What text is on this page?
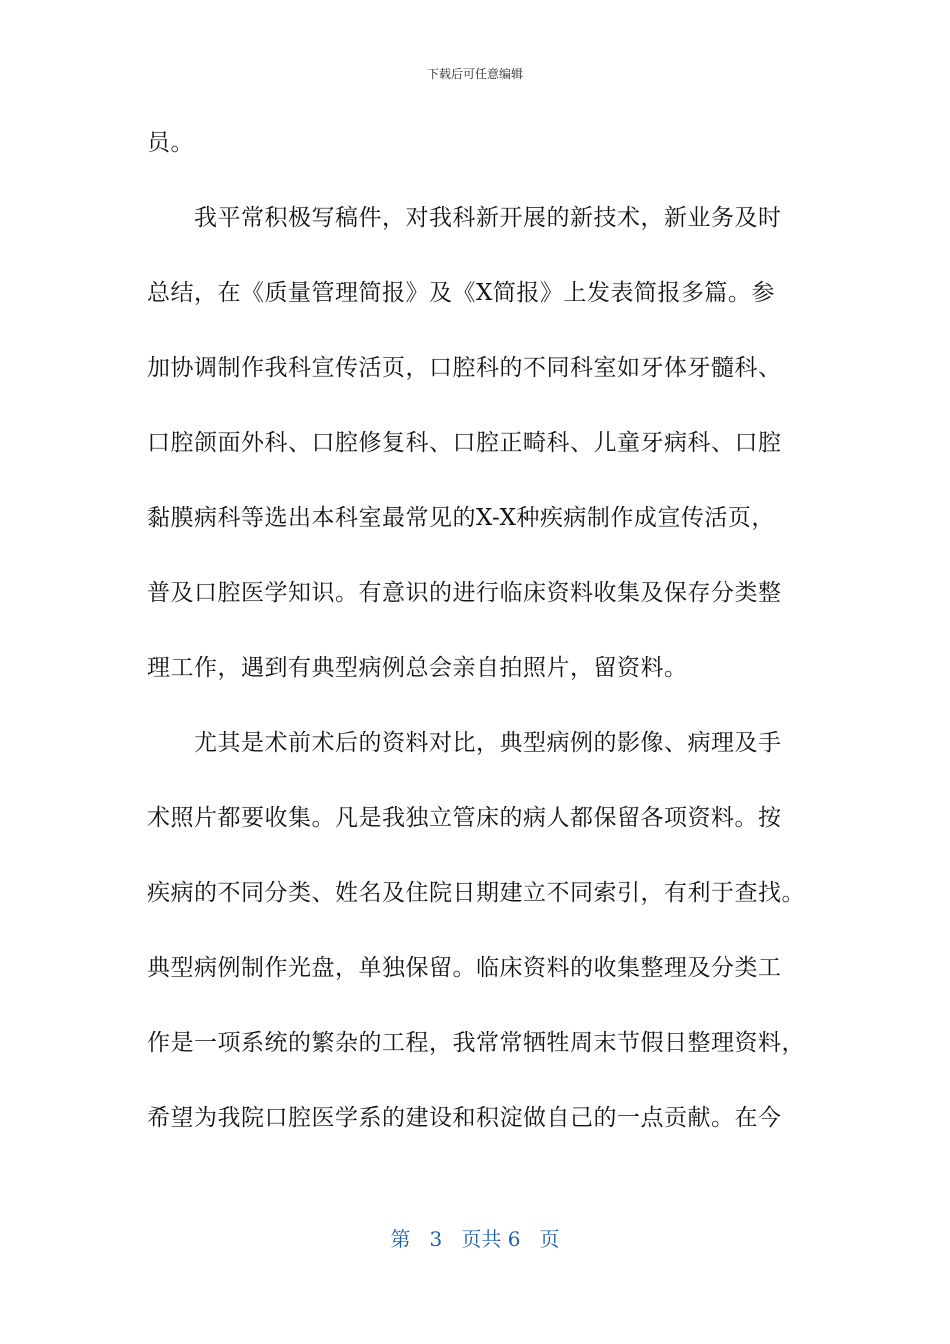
下载后可任意编辑
员。
我平常积极写稿件，对我科新开展的新技术，新业务及时
总结，在《质量管理简报》及《X简报》上发表简报多篇。参
加协调制作我科宣传活页，口腔科的不同科室如牙体牙髓科、
口腔颌面外科、口腔修复科、口腔正畸科、儿童牙病科、口腔
黏膜病科等选出本科室最常见的X-X种疾病制作成宣传活页，
普及口腔医学知识。有意识的进行临床资料收集及保存分类整
理工作，遇到有典型病例总会亲自拍照片，留资料。
尤其是术前术后的资料对比，典型病例的影像、病理及手
术照片都要收集。凡是我独立管床的病人都保留各项资料。按
疾病的不同分类、姓名及住院日期建立不同索引，有利于查找。
典型病例制作光盘，单独保留。临床资料的收集整理及分类工
作是一项系统的繁杂的工程，我常常牺牲周末节假日整理资料，
希望为我院口腔医学系的建设和积淀做自己的一点贡献。在今
第 3 页共 6 页
